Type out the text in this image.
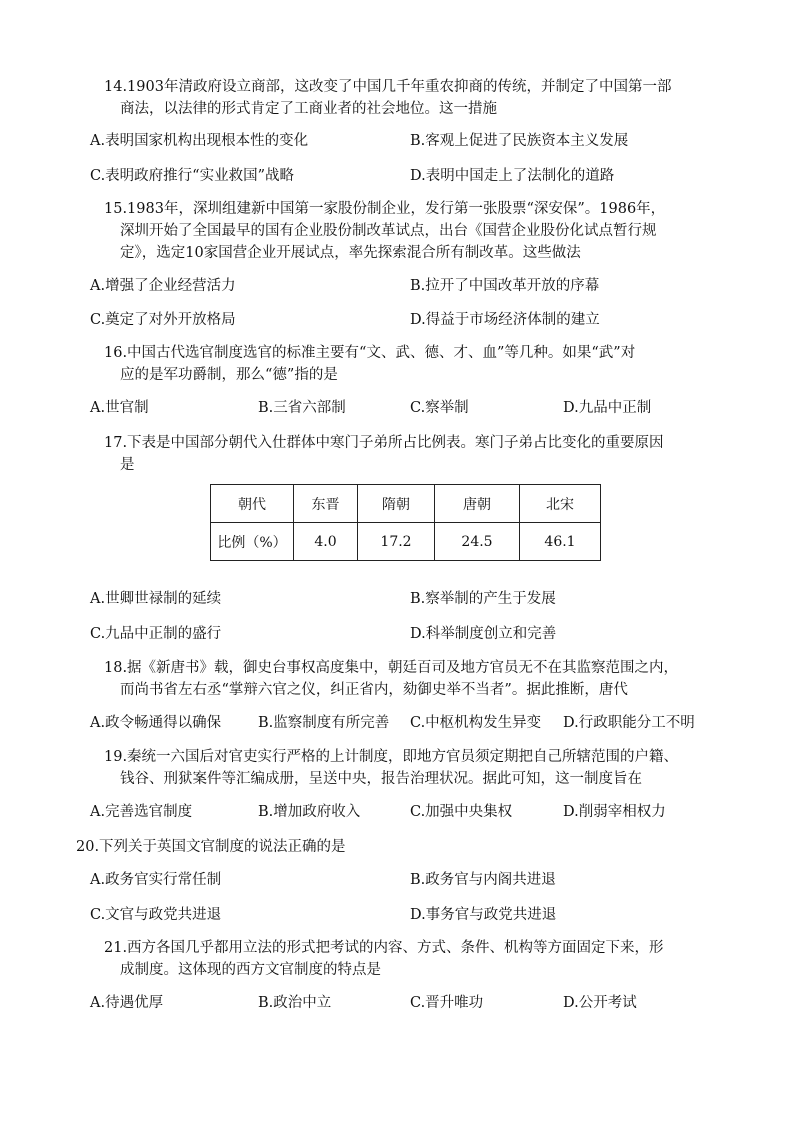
14.1903年清政府设立商部，这改变了中国几千年重农抑商的传统，并制定了中国第一部
商法，以法律的形式肯定了工商业者的社会地位。这一措施
A.表明国家机构出现根本性的变化	B.客观上促进了民族资本主义发展
C.表明政府推行“实业救国”战略	D.表明中国走上了法制化的道路
15.1983年，深圳组建新中国第一家股份制企业，发行第一张股票“深安保”。1986年，
深圳开始了全国最早的国有企业股份制改革试点，出台《国营企业股份化试点暂行规
定》，选定10家国营企业开展试点，率先探索混合所有制改革。这些做法
A.增强了企业经营活力	B.拉开了中国改革开放的序幕
C.奠定了对外开放格局	D.得益于市场经济体制的建立
16.中国古代选官制度选官的标准主要有“文、武、德、才、血”等几种。如果“武”对
应的是军功爵制，那么“德”指的是
A.世官制	B.三省六部制	C.察举制	D.九品中正制
17.下表是中国部分朝代入仕群体中寒门子弟所占比例表。寒门子弟占比变化的重要原因
是
朝代	东晋	隋朝	唐朝	北宋
比例（%）	4.0	17.2	24.5	46.1
A.世卿世禄制的延续	B.察举制的产生于发展
C.九品中正制的盛行	D.科举制度创立和完善
18.据《新唐书》载，御史台事权高度集中，朝廷百司及地方官员无不在其监察范围之内，
而尚书省左右丞“掌辩六官之仪，纠正省内，劾御史举不当者”。据此推断，唐代
A.政令畅通得以确保	B.监察制度有所完善 C.中枢机构发生异变 D.行政职能分工不明
19.秦统一六国后对官吏实行严格的上计制度，即地方官员须定期把自己所辖范围的户籍、
钱谷、刑狱案件等汇编成册，呈送中央，报告治理状况。据此可知，这一制度旨在
A.完善选官制度	B.增加政府收入	C.加强中央集权	D.削弱宰相权力
20.下列关于英国文官制度的说法正确的是
A.政务官实行常任制	B.政务官与内阁共进退
C.文官与政党共进退	D.事务官与政党共进退
21.西方各国几乎都用立法的形式把考试的内容、方式、条件、机构等方面固定下来，形
成制度。这体现的西方文官制度的特点是
A.待遇优厚	B.政治中立	C.晋升唯功	D.公开考试
